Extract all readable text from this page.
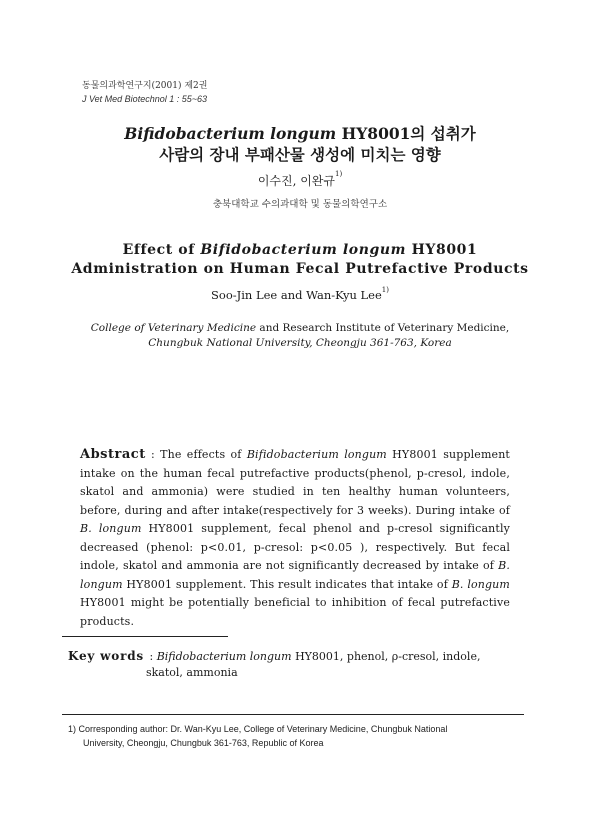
동물의과학연구지(2001) 제2권
J Vet Med Biotechnol 1 : 55~63
Bifidobacterium longum HY8001의 섭취가
사람의 장내 부패산물 생성에 미치는 영향
이수진, 이완규$^{1)}$
충북대학교 수의과대학 및 동물의학연구소
Effect of Bifidobacterium longum HY8001
Administration on Human Fecal Putrefactive Products
Soo-Jin Lee and Wan-Kyu Lee$^{1)}$
College of Veterinary Medicine and Research Institute of Veterinary Medicine,
Chungbuk National University, Cheongju 361-763, Korea
Abstract : The effects of Bifidobacterium longum HY8001 supplement intake on the human fecal putrefactive products(phenol, p-cresol, indole, skatol and ammonia) were studied in ten healthy human volunteers, before, during and after intake(respectively for 3 weeks). During intake of B. longum HY8001 supplement, fecal phenol and p-cresol significantly decreased (phenol: p<0.01, p-cresol: p<0.05 ), respectively. But fecal indole, skatol and ammonia are not significantly decreased by intake of B. longum HY8001 supplement. This result indicates that intake of B. longum HY8001 might be potentially beneficial to inhibition of fecal putrefactive products.
Key words : Bifidobacterium longum HY8001, phenol, ρ-cresol, indole,
skatol, ammonia
1) Corresponding author: Dr. Wan-Kyu Lee, College of Veterinary Medicine, Chungbuk National
University, Cheongju, Chungbuk 361-763, Republic of Korea
